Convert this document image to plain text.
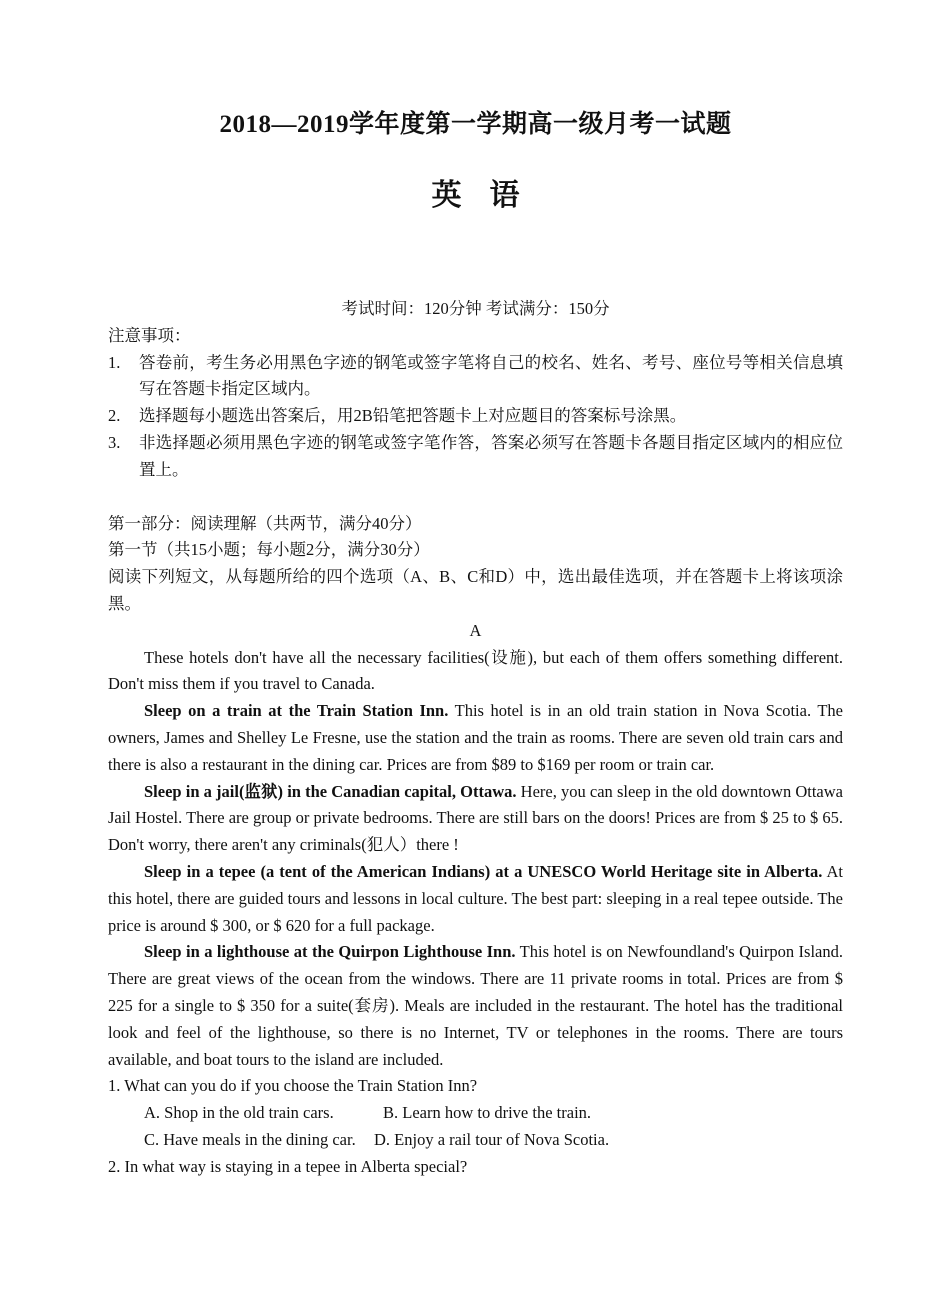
2018—2019学年度第一学期高一级月考一试题
英语
考试时间：120分钟 考试满分：150分
注意事项：
1.	答卷前，考生务必用黑色字迹的钢笔或签字笔将自己的校名、姓名、考号、座位号等相关信息填写在答题卡指定区域内。
2.	选择题每小题选出答案后，用2B铅笔把答题卡上对应题目的答案标号涂黑。
3.	非选择题必须用黑色字迹的钢笔或签字笔作答，答案必须写在答题卡各题目指定区域内的相应位置上。
第一部分：阅读理解（共两节，满分40分）
第一节（共15小题；每小题2分，满分30分）
阅读下列短文，从每题所给的四个选项（A、B、C和D）中，选出最佳选项，并在答题卡上将该项涂黑。
A
These hotels don't have all the necessary facilities(设施), but each of them offers something different. Don't miss them if you travel to Canada.
Sleep on a train at the Train Station Inn. This hotel is in an old train station in Nova Scotia. The owners, James and Shelley Le Fresne, use the station and the train as rooms. There are seven old train cars and there is also a restaurant in the dining car. Prices are from $89 to $169 per room or train car.
Sleep in a jail(监狱) in the Canadian capital, Ottawa. Here, you can sleep in the old downtown Ottawa Jail Hostel. There are group or private bedrooms. There are still bars on the doors! Prices are from $ 25 to $ 65. Don't worry, there aren't any criminals(犯人）there !
Sleep in a tepee (a tent of the American Indians) at a UNESCO World Heritage site in Alberta. At this hotel, there are guided tours and lessons in local culture. The best part: sleeping in a real tepee outside. The price is around $ 300, or $ 620 for a full package.
Sleep in a lighthouse at the Quirpon Lighthouse Inn. This hotel is on Newfoundland's Quirpon Island. There are great views of the ocean from the windows. There are 11 private rooms in total. Prices are from $ 225 for a single to $ 350 for a suite(套房). Meals are included in the restaurant. The hotel has the traditional look and feel of the lighthouse, so there is no Internet, TV or telephones in the rooms. There are tours available, and boat tours to the island are included.
1. What can you do if you choose the Train Station Inn?
A. Shop in the old train cars.	B. Learn how to drive the train.
C. Have meals in the dining car. D. Enjoy a rail tour of Nova Scotia.
2. In what way is staying in a tepee in Alberta special?
